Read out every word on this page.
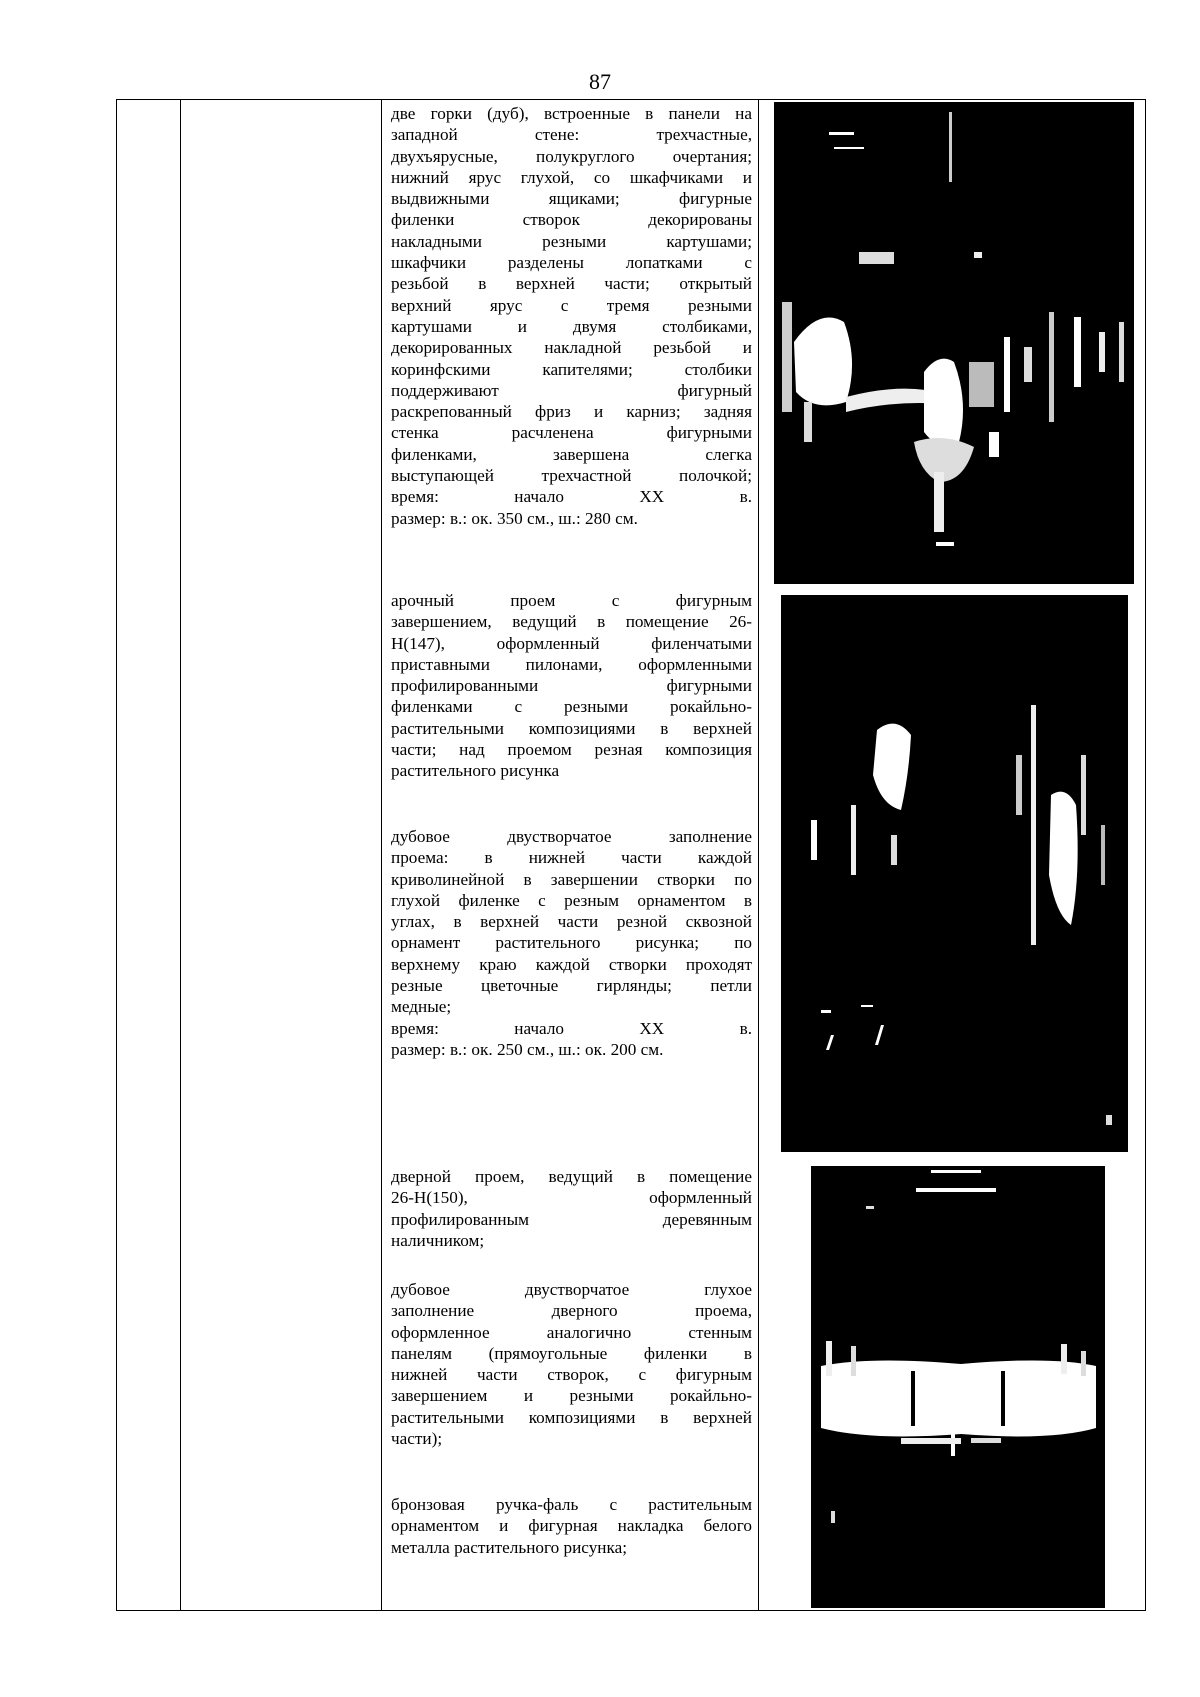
87
две горки (дуб), встроенные в панели на
западной стене: трехчастные,
двухъярусные, полукруглого очертания;
нижний ярус глухой, со шкафчиками и
выдвижными ящиками; фигурные
филенки створок декорированы
накладными резными картушами;
шкафчики разделены лопатками с
резьбой в верхней части; открытый
верхний ярус с тремя резными
картушами и двумя столбиками,
декорированных накладной резьбой и
коринфскими капителями; столбики
поддерживают фигурный
раскрепованный фриз и карниз; задняя
стенка расчленена фигурными
филенками, завершена слегка
выступающей трехчастной полочкой;
время: начало XX в.
размер: в.: ок. 350 см., ш.: 280 см.
арочный проем с фигурным
завершением, ведущий в помещение 26-
Н(147), оформленный филенчатыми
приставными пилонами, оформленными
профилированными фигурными
филенками с резными рокайльно-
растительными композициями в верхней
части; над проемом резная композиция
растительного рисунка
дубовое двустворчатое заполнение
проема: в нижней части каждой
криволинейной в завершении створки по
глухой филенке с резным орнаментом в
углах, в верхней части резной сквозной
орнамент растительного рисунка; по
верхнему краю каждой створки проходят
резные цветочные гирлянды; петли
медные;
время: начало XX в.
размер: в.: ок. 250 см., ш.: ок. 200 см.
дверной проем, ведущий в помещение
26-Н(150), оформленный
профилированным деревянным
наличником;
дубовое двустворчатое глухое
заполнение дверного проема,
оформленное аналогично стенным
панелям (прямоугольные филенки в
нижней части створок, с фигурным
завершением и резными рокайльно-
растительными композициями в верхней
части);
бронзовая ручка-фаль с растительным
орнаментом и фигурная накладка белого
металла растительного рисунка;
